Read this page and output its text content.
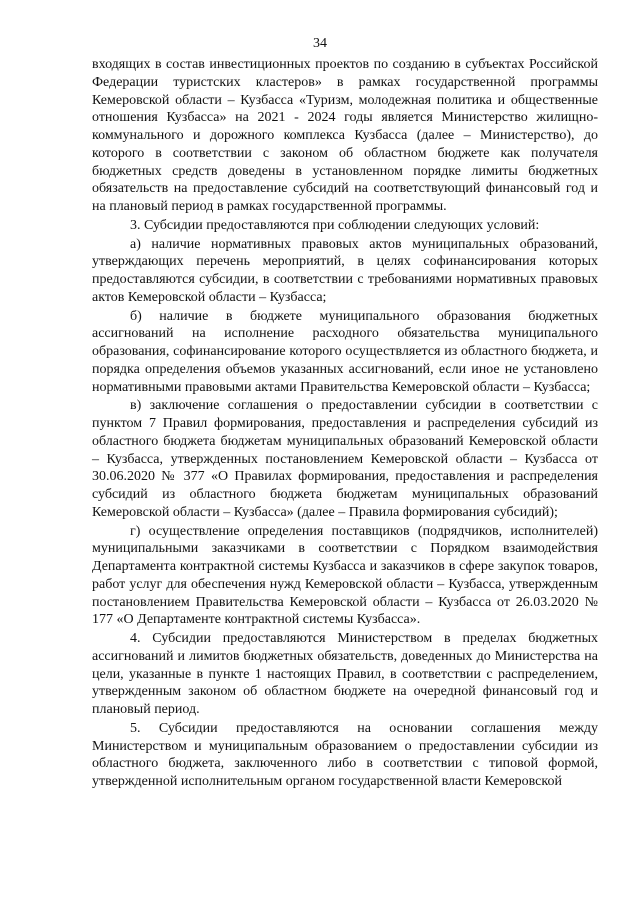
34

входящих в состав инвестиционных проектов по созданию в субъектах Российской Федерации туристских кластеров» в рамках государственной программы Кемеровской области – Кузбасса «Туризм, молодежная политика и общественные отношения Кузбасса» на 2021 - 2024 годы является Министерство жилищно-коммунального и дорожного комплекса Кузбасса (далее – Министерство), до которого в соответствии с законом об областном бюджете как получателя бюджетных средств доведены в установленном порядке лимиты бюджетных обязательств на предоставление субсидий на соответствующий финансовый год и на плановый период в рамках государственной программы.

3. Субсидии предоставляются при соблюдении следующих условий:

а) наличие нормативных правовых актов муниципальных образований, утверждающих перечень мероприятий, в целях софинансирования которых предоставляются субсидии, в соответствии с требованиями нормативных правовых актов Кемеровской области – Кузбасса;

б) наличие в бюджете муниципального образования бюджетных ассигнований на исполнение расходного обязательства муниципального образования, софинансирование которого осуществляется из областного бюджета, и порядка определения объемов указанных ассигнований, если иное не установлено нормативными правовыми актами Правительства Кемеровской области – Кузбасса;

в) заключение соглашения о предоставлении субсидии в соответствии с пунктом 7 Правил формирования, предоставления и распределения субсидий из областного бюджета бюджетам муниципальных образований Кемеровской области – Кузбасса, утвержденных постановлением Кемеровской области – Кузбасса от 30.06.2020 № 377 «О Правилах формирования, предоставления и распределения субсидий из областного бюджета бюджетам муниципальных образований Кемеровской области – Кузбасса» (далее – Правила формирования субсидий);

г) осуществление определения поставщиков (подрядчиков, исполнителей) муниципальными заказчиками в соответствии с Порядком взаимодействия Департамента контрактной системы Кузбасса и заказчиков в сфере закупок товаров, работ услуг для обеспечения нужд Кемеровской области – Кузбасса, утвержденным постановлением Правительства Кемеровской области – Кузбасса от 26.03.2020 № 177 «О Департаменте контрактной системы Кузбасса».

4. Субсидии предоставляются Министерством в пределах бюджетных ассигнований и лимитов бюджетных обязательств, доведенных до Министерства на цели, указанные в пункте 1 настоящих Правил, в соответствии с распределением, утвержденным законом об областном бюджете на очередной финансовый год и плановый период.

5. Субсидии предоставляются на основании соглашения между Министерством и муниципальным образованием о предоставлении субсидии из областного бюджета, заключенного либо в соответствии с типовой формой, утвержденной исполнительным органом государственной власти Кемеровской
